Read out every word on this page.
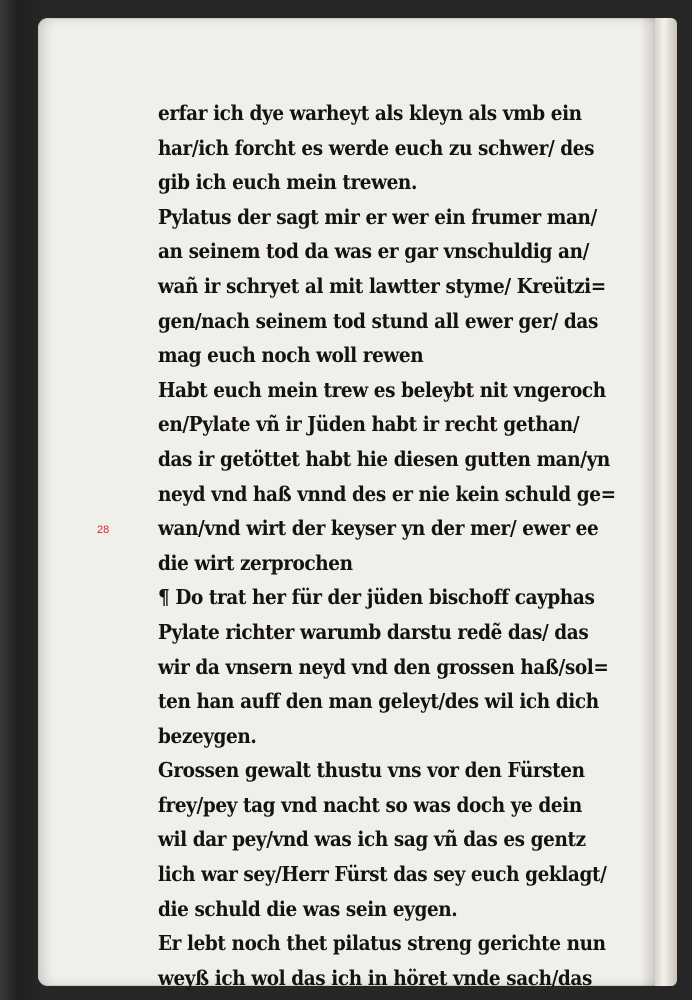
28
erfar ich dye warheyt als kleyn als vmb ein
har/ich forcht es werde euch zu schwer/ des
gib ich euch mein trewen.
Pylatus der sagt mir er wer ein frumer man/
an seinem tod da was er gar vnschuldig an/
wañ ir schryet al mit lawtter styme/ Kreützi=
gen/nach seinem tod stund all ewer ger/ das
mag euch noch woll rewen
Habt euch mein trew es beleybt nit vngeroch
en/Pylate vñ ir Jüden habt ir recht gethan/
das ir getöttet habt hie diesen gutten man/yn
neyd vnd haß vnnd des er nie kein schuld ge=
wan/vnd wirt der keyser yn der mer/ ewer ee
die wirt zerprochen
¶ Do trat her für der jüden bischoff cayphas
Pylate richter warumb darstu redẽ das/ das
wir da vnsern neyd vnd den grossen haß/sol=
ten han auff den man geleyt/des wil ich dich
bezeygen.
Grossen gewalt thustu vns vor den Fürsten
frey/pey tag vnd nacht so was doch ye dein
wil dar pey/vnd was ich sag vñ das es gentz
lich war sey/Herr Fürst das sey euch geklagt/
die schuld die was sein eygen.
Er lebt noch thet pilatus streng gerichte nun
weyß ich wol das ich in höret vnde sach/das
